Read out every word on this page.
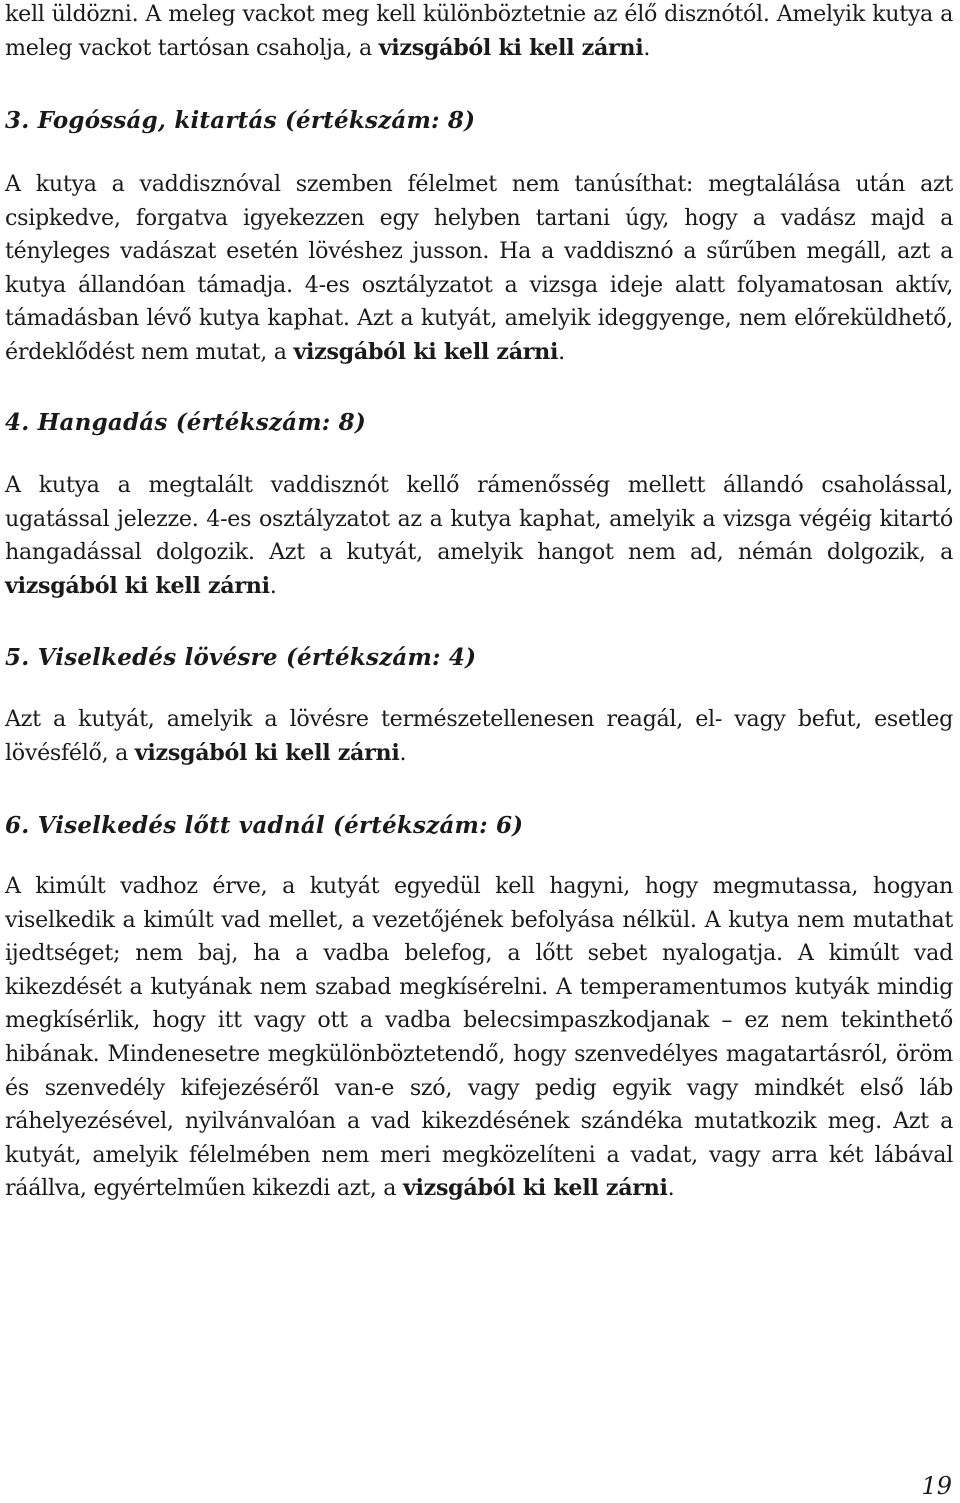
kell üldözni. A meleg vackot meg kell különböztetnie az élő disznótól. Amelyik kutya a meleg vackot tartósan csaholja, a vizsgából ki kell zárni.

3. Fogósság, kitartás (értékszám: 8)

A kutya a vaddisznóval szemben félelmet nem tanúsíthat: megtalálása után azt csipkedve, forgatva igyekezzen egy helyben tartani úgy, hogy a vadász majd a tényleges vadászat esetén lövéshez jusson. Ha a vaddisznó a sűrűben megáll, azt a kutya állandóan támadja. 4-es osztályzatot a vizsga ideje alatt folyamatosan aktív, támadásban lévő kutya kaphat. Azt a kutyát, amelyik ideggyenge, nem előreküldhető, érdeklődést nem mutat, a vizsgából ki kell zárni.

4. Hangadás (értékszám: 8)

A kutya a megtalált vaddisznót kellő rámenősség mellett állandó csaholással, ugatással jelezze. 4-es osztályzatot az a kutya kaphat, amelyik a vizsga végéig kitartó hangadással dolgozik. Azt a kutyát, amelyik hangot nem ad, némán dolgozik, a vizsgából ki kell zárni.

5. Viselkedés lövésre (értékszám: 4)

Azt a kutyát, amelyik a lövésre természetellenesen reagál, el- vagy befut, esetleg lövésfélő, a vizsgából ki kell zárni.

6. Viselkedés lőtt vadnál (értékszám: 6)

A kimúlt vadhoz érve, a kutyát egyedül kell hagyni, hogy megmutassa, hogyan viselkedik a kimúlt vad mellet, a vezetőjének befolyása nélkül. A kutya nem mutathat ijedtséget; nem baj, ha a vadba belefog, a lőtt sebet nyalogatja. A kimúlt vad kikezdését a kutyának nem szabad megkísérelni. A temperamentumos kutyák mindig megkísérlik, hogy itt vagy ott a vadba belecsimpaszkodjanak – ez nem tekinthető hibának. Mindenesetre megkülönböztetendő, hogy szenvedélyes magatartásról, öröm és szenvedély kifejezéséről van-e szó, vagy pedig egyik vagy mindkét első láb ráhelyezésével, nyilvánvalóan a vad kikezdésének szándéka mutatkozik meg. Azt a kutyát, amelyik félelmében nem meri megközelíteni a vadat, vagy arra két lábával ráállva, egyértelműen kikezdi azt, a vizsgából ki kell zárni.

19
